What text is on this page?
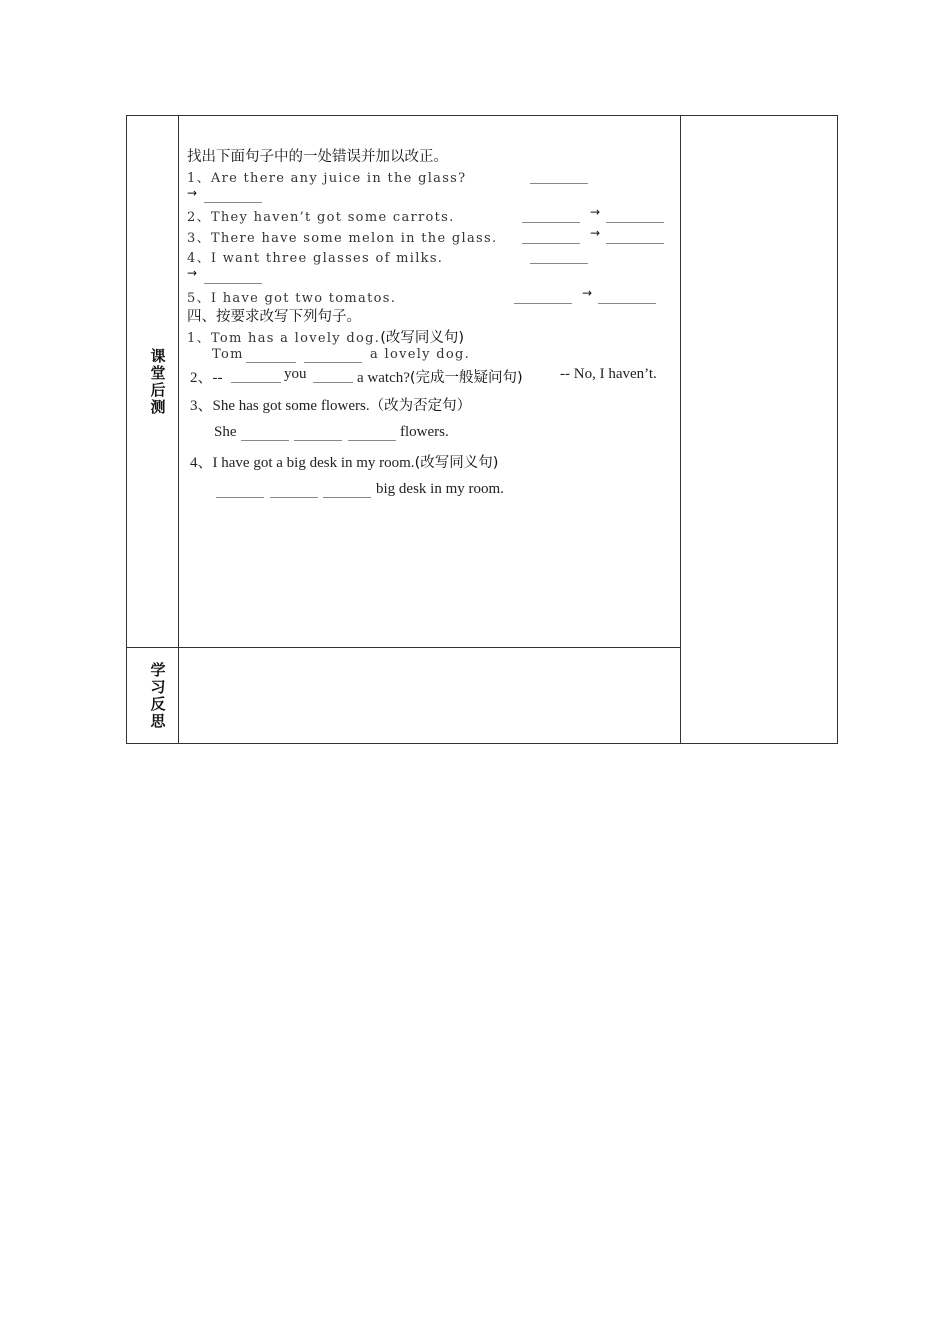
课
堂
后
测
学
习
反
思
找出下面句子中的一处错误并加以改正。
1、Are there any juice in the glass?
→
2、They haven’t got some carrots.	→
3、There have some melon in the glass.	→
4、I want three glasses of milks.
→
5、I have got two tomatos.	→
四、按要求改写下列句子。
1、Tom has a lovely dog.(改写同义句)
Tom	a lovely dog.
2、--	you	a watch?(完成一般疑问句) -- No, I haven’t.
3、She has got some flowers.（改为否定句）
She	flowers.
4、I have got a big desk in my room.(改写同义句)
big desk in my room.
